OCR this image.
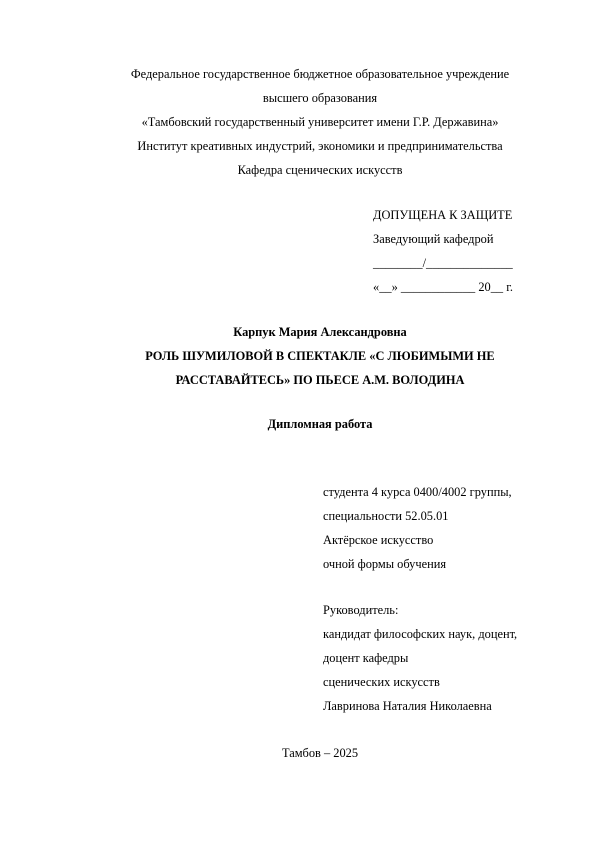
Федеральное государственное бюджетное образовательное учреждение
высшего образования
«Тамбовский государственный университет имени Г.Р. Державина»
Институт креативных индустрий, экономики и предпринимательства
Кафедра сценических искусств
ДОПУЩЕНА К ЗАЩИТЕ
Заведующий кафедрой
________/______________
«__» ____________ 20__ г.
Карпук Мария Александровна
РОЛЬ ШУМИЛОВОЙ В СПЕКТАКЛЕ «С ЛЮБИМЫМИ НЕ
РАССТАВАЙТЕСЬ» ПО ПЬЕСЕ А.М. ВОЛОДИНА
Дипломная работа
студента 4 курса 0400/4002 группы,
специальности 52.05.01
Актёрское искусство
очной формы обучения
Руководитель:
кандидат философских наук, доцент,
доцент кафедры
сценических искусств
Лавринова Наталия Николаевна
Тамбов – 2025
